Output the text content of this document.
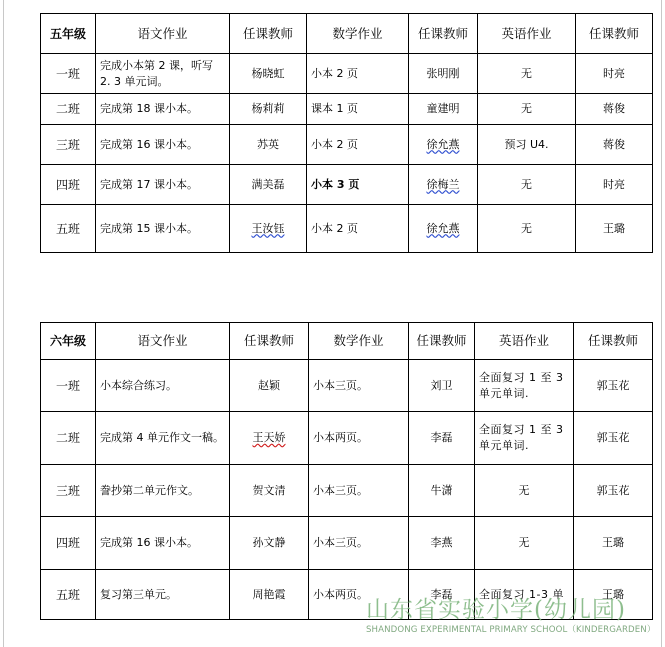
五年级	语文作业	任课教师	数学作业	任课教师	英语作业	任课教师
一班	完成小本第 2 课，听写 2. 3 单元词。	杨晓虹	小本 2 页	张明刚	无	时亮
二班	完成第 18 课小本。	杨莉莉	课本 1 页	童建明	无	蒋俊
三班	完成第 16 课小本。	苏英	小本 2 页	徐允燕	预习 U4.	蒋俊
四班	完成第 17 课小本。	满美磊	小本 3 页	徐梅兰	无	时亮
五班	完成第 15 课小本。	王汝钰	小本 2 页	徐允燕	无	王璐
六年级	语文作业	任课教师	数学作业	任课教师	英语作业	任课教师
一班	小本综合练习。	赵颖	小本三页。	刘卫	全面复习 1 至 3 单元单词.	郭玉花
二班	完成第 4 单元作文一稿。	王天娇	小本两页。	李磊	全面复习 1 至 3 单元单词.	郭玉花
三班	誊抄第二单元作文。	贺文清	小本三页。	牛潇	无	郭玉花
四班	完成第 16 课小本。	孙文静	小本三页。	李燕	无	王璐
五班	复习第三单元。	周艳霞	小本两页。	李磊	全面复习 1-3 单	王璐
山东省实验小学(幼儿园)
SHANDONG EXPERIMENTAL PRIMARY SCHOOL（KINDERGARDEN）
